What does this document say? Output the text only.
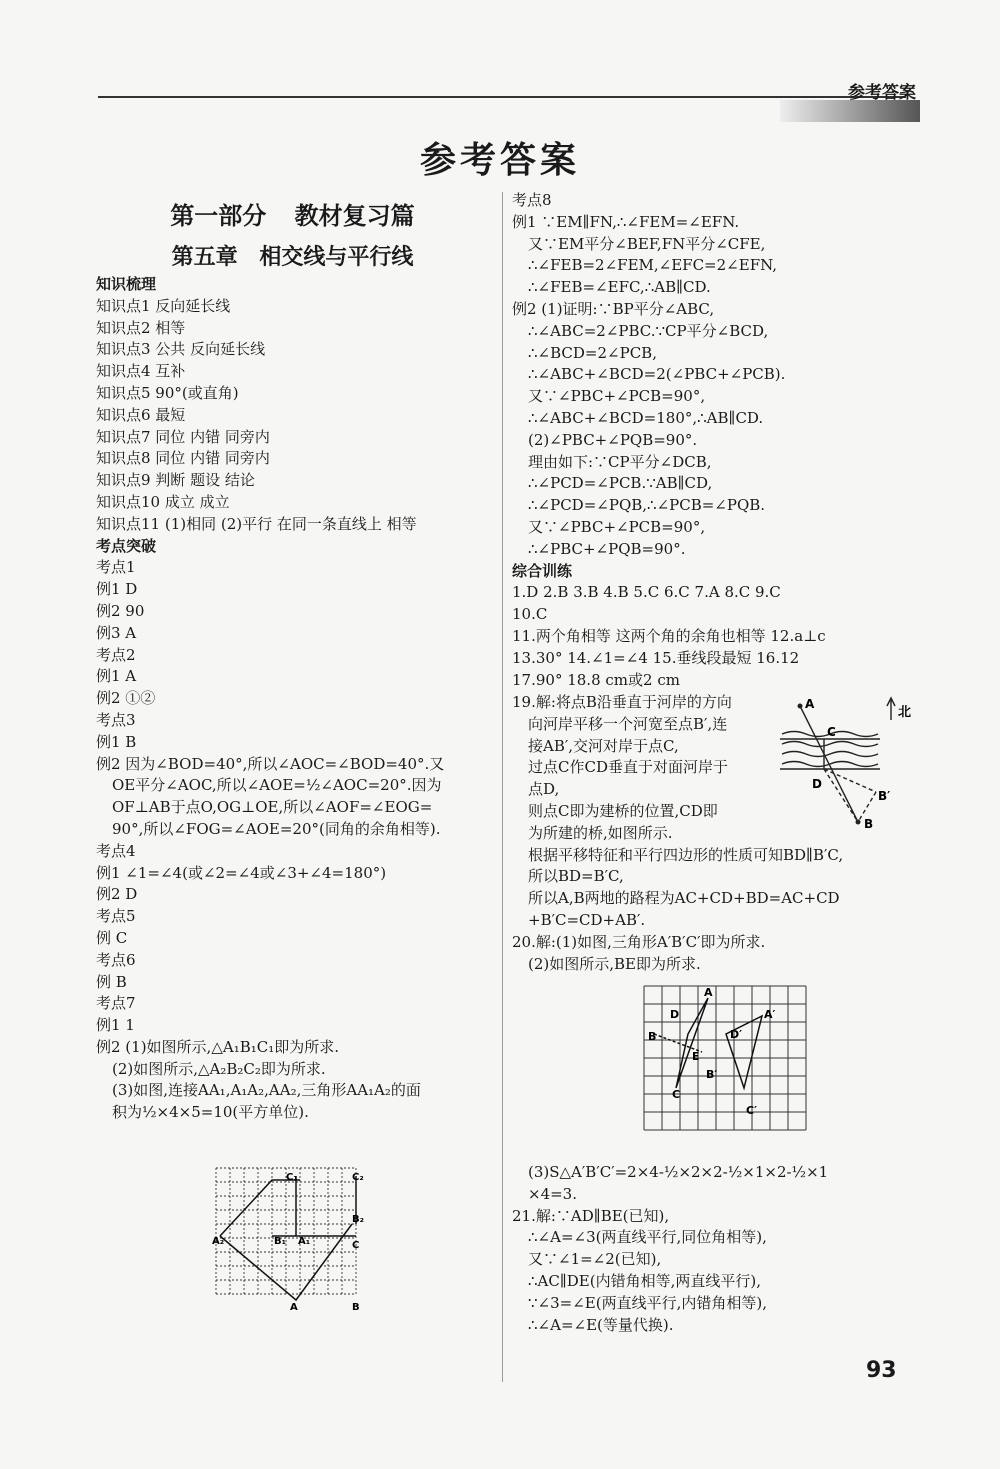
参考答案
参考答案
第一部分 教材复习篇
第五章 相交线与平行线
知识梳理
知识点1 反向延长线
知识点2 相等
知识点3 公共 反向延长线
知识点4 互补
知识点5 90°(或直角)
知识点6 最短
知识点7 同位 内错 同旁内
知识点8 同位 内错 同旁内
知识点9 判断 题设 结论
知识点10 成立 成立
知识点11 (1)相同 (2)平行 在同一条直线上 相等
考点突破
考点1
例1 D
例2 90
例3 A
考点2
例1 A
例2 ①②
考点3
例1 B
例2 因为∠BOD=40°,所以∠AOC=∠BOD=40°.又
OE平分∠AOC,所以∠AOE=½∠AOC=20°.因为
OF⊥AB于点O,OG⊥OE,所以∠AOF=∠EOG=
90°,所以∠FOG=∠AOE=20°(同角的余角相等).
考点4
例1 ∠1=∠4(或∠2=∠4或∠3+∠4=180°)
例2 D
考点5
例 C
考点6
例 B
考点7
例1 1
例2 (1)如图所示,△A₁B₁C₁即为所求.
(2)如图所示,△A₂B₂C₂即为所求.
(3)如图,连接AA₁,A₁A₂,AA₂,三角形AA₁A₂的面
积为½×4×5=10(平方单位).
考点8
例1 ∵EM∥FN,∴∠FEM=∠EFN.
又∵EM平分∠BEF,FN平分∠CFE,
∴∠FEB=2∠FEM,∠EFC=2∠EFN,
∴∠FEB=∠EFC,∴AB∥CD.
例2 (1)证明:∵BP平分∠ABC,
∴∠ABC=2∠PBC.∵CP平分∠BCD,
∴∠BCD=2∠PCB,
∴∠ABC+∠BCD=2(∠PBC+∠PCB).
又∵∠PBC+∠PCB=90°,
∴∠ABC+∠BCD=180°,∴AB∥CD.
(2)∠PBC+∠PQB=90°.
理由如下:∵CP平分∠DCB,
∴∠PCD=∠PCB.∵AB∥CD,
∴∠PCD=∠PQB,∴∠PCB=∠PQB.
又∵∠PBC+∠PCB=90°,
∴∠PBC+∠PQB=90°.
综合训练
1.D 2.B 3.B 4.B 5.C 6.C 7.A 8.C 9.C
10.C
11.两个角相等 这两个角的余角也相等 12.a⊥c
13.30° 14.∠1=∠4 15.垂线段最短 16.12
17.90° 18.8 cm或2 cm
19.解:将点B沿垂直于河岸的方向
向河岸平移一个河宽至点B′,连
接AB′,交河对岸于点C,
过点C作CD垂直于对面河岸于
点D,
则点C即为建桥的位置,CD即
为所建的桥,如图所示.
根据平移特征和平行四边形的性质可知BD∥B′C,
所以BD=B′C,
所以A,B两地的路程为AC+CD+BD=AC+CD
+B′C=CD+AB′.
20.解:(1)如图,三角形A′B′C′即为所求.
(2)如图所示,BE即为所求.
(3)S△A′B′C′=2×4-½×2×2-½×1×2-½×1
×4=3.
21.解:∵AD∥BE(已知),
∴∠A=∠3(两直线平行,同位角相等),
又∵∠1=∠2(已知),
∴AC∥DE(内错角相等,两直线平行),
∵∠3=∠E(两直线平行,内错角相等),
∴∠A=∠E(等量代换).
A
C
D
B′
B
北
A
D
B
E
C
A′
D′
B′
C′
C₁	C₂
B₂
A₂	B₁ A₁	C
A	B
93
